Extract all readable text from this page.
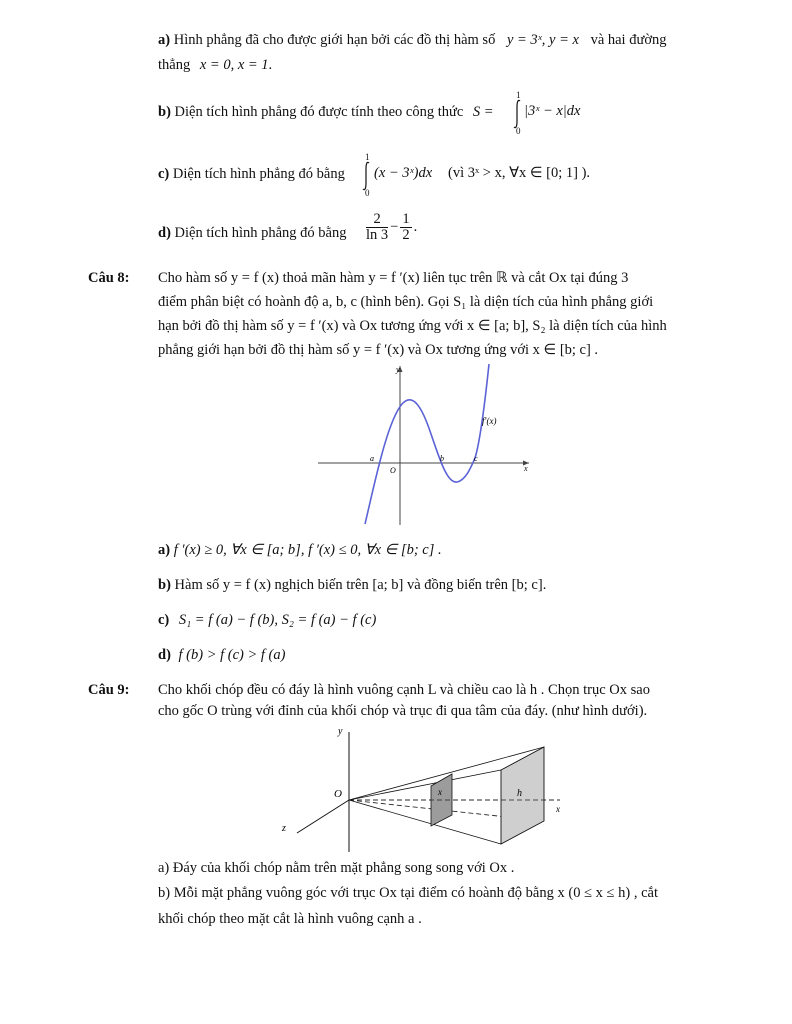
a) Hình phẳng đã cho được giới hạn bởi các đồ thị hàm số y = 3ˣ, y = x và hai đường
thẳng x = 0, x = 1.
b) Diện tích hình phẳng đó được tính theo công thức S =
1
0
|3ˣ − x|dx
c) Diện tích hình phẳng đó bằng
1
0
(x − 3ˣ)dx (vì 3ˣ > x, ∀x ∈ [0; 1] ).
d) Diện tích hình phẳng đó bằng $\frac{2}{\ln 3} - \frac{1}{2}$ .
Câu 8: Cho hàm số y = f (x) thoả mãn hàm y = f ′(x) liên tục trên ℝ và cắt Ox tại đúng 3
điểm phân biệt có hoành độ a, b, c (hình bên). Gọi S₁ là diện tích của hình phẳng giới
hạn bởi đồ thị hàm số y = f ′(x) và Ox tương ứng với x ∈ [a; b], S₂ là diện tích của hình
phẳng giới hạn bởi đồ thị hàm số y = f ′(x) và Ox tương ứng với x ∈ [b; c] .
y
a
O
b	c
x
f′(x)
a) f ′(x) ≥ 0, ∀x ∈ [a; b], f ′(x) ≤ 0, ∀x ∈ [b; c] .
b) Hàm số y = f (x) nghịch biến trên [a; b] và đồng biến trên [b; c].
c) S₁ = f (a) − f (b), S₂ = f (a) − f (c)
d) f (b) > f (c) > f (a)
Câu 9: Cho khối chóp đều có đáy là hình vuông cạnh L và chiều cao là h . Chọn trục Ox sao
cho gốc O trùng với đỉnh của khối chóp và trục đi qua tâm của đáy. (như hình dưới).
y
O
z
x	h
x
a) Đáy của khối chóp nằm trên mặt phẳng song song với Ox .
b) Mỗi mặt phẳng vuông góc với trục Ox tại điểm có hoành độ bằng x (0 ≤ x ≤ h) , cắt
khối chóp theo mặt cắt là hình vuông cạnh a .
